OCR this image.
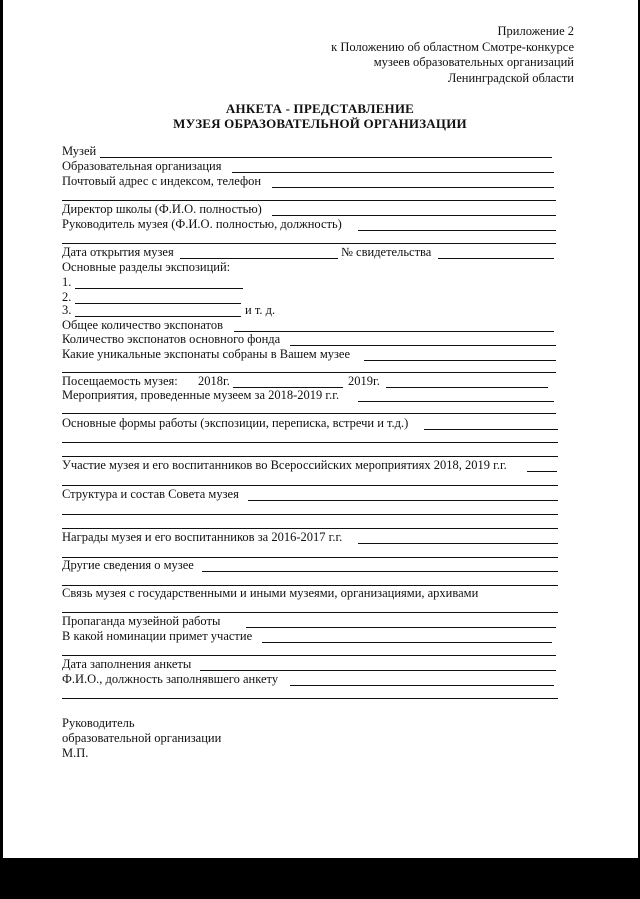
Приложение 2
к Положению об областном Смотре-конкурсе
музеев образовательных организаций
Ленинградской области
АНКЕТА - ПРЕДСТАВЛЕНИЕ
МУЗЕЯ ОБРАЗОВАТЕЛЬНОЙ ОРГАНИЗАЦИИ
Музей
Образовательная организация
Почтовый адрес с индексом, телефон
Директор школы (Ф.И.О. полностью)
Руководитель музея (Ф.И.О. полностью, должность)
Дата открытия музея	№ свидетельства
Основные разделы экспозиций:
1.
2.
3.	и т. д.
Общее количество экспонатов
Количество экспонатов основного фонда
Какие уникальные экспонаты собраны в Вашем музее
Посещаемость музея: 2018г.	2019г.
Мероприятия, проведенные музеем за 2018-2019 г.г.
Основные формы работы (экспозиции, переписка, встречи и т.д.)
Участие музея и его воспитанников во Всероссийских мероприятиях 2018, 2019 г.г.
Структура и состав Совета музея
Награды музея и его воспитанников за 2016-2017 г.г.
Другие сведения о музее
Связь музея с государственными и иными музеями, организациями, архивами
Пропаганда музейной работы
В какой номинации примет участие
Дата заполнения анкеты
Ф.И.О., должность заполнявшего анкету
Руководитель
образовательной организации
М.П.
